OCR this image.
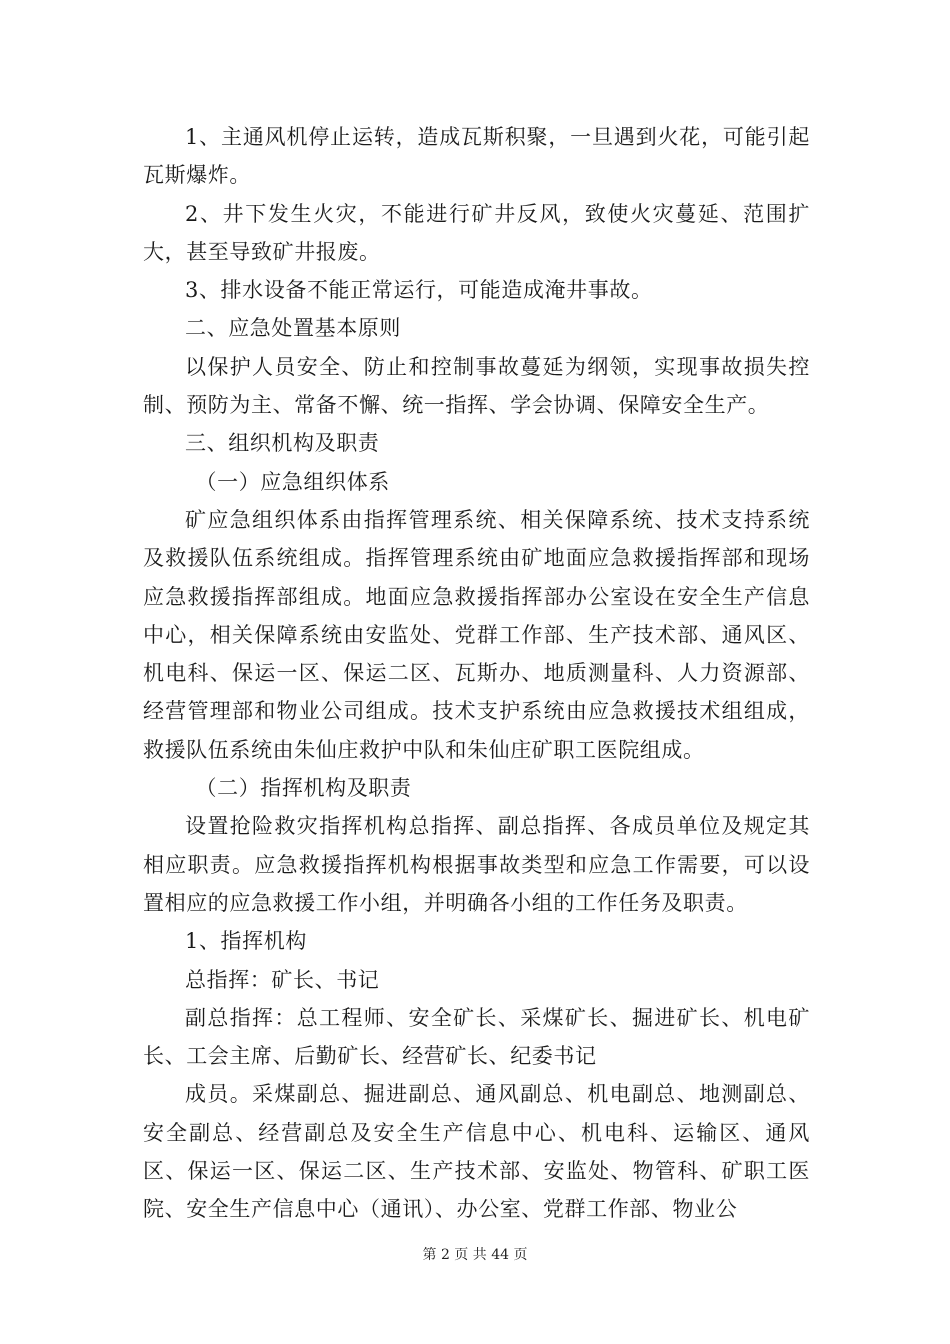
1、主通风机停止运转，造成瓦斯积聚，一旦遇到火花，可能引起瓦斯爆炸。

2、井下发生火灾，不能进行矿井反风，致使火灾蔓延、范围扩大，甚至导致矿井报废。

3、排水设备不能正常运行，可能造成淹井事故。

二、应急处置基本原则

以保护人员安全、防止和控制事故蔓延为纲领，实现事故损失控制、预防为主、常备不懈、统一指挥、学会协调、保障安全生产。

三、组织机构及职责

（一）应急组织体系

矿应急组织体系由指挥管理系统、相关保障系统、技术支持系统及救援队伍系统组成。指挥管理系统由矿地面应急救援指挥部和现场应急救援指挥部组成。地面应急救援指挥部办公室设在安全生产信息中心，相关保障系统由安监处、党群工作部、生产技术部、通风区、机电科、保运一区、保运二区、瓦斯办、地质测量科、人力资源部、经营管理部和物业公司组成。技术支护系统由应急救援技术组组成，救援队伍系统由朱仙庄救护中队和朱仙庄矿职工医院组成。

（二）指挥机构及职责

设置抢险救灾指挥机构总指挥、副总指挥、各成员单位及规定其相应职责。应急救援指挥机构根据事故类型和应急工作需要，可以设置相应的应急救援工作小组，并明确各小组的工作任务及职责。

1、指挥机构

总指挥：矿长、书记

副总指挥：总工程师、安全矿长、采煤矿长、掘进矿长、机电矿长、工会主席、后勤矿长、经营矿长、纪委书记

成员。采煤副总、掘进副总、通风副总、机电副总、地测副总、安全副总、经营副总及安全生产信息中心、机电科、运输区、通风区、保运一区、保运二区、生产技术部、安监处、物管科、矿职工医院、安全生产信息中心（通讯）、办公室、党群工作部、物业公

第 2 页 共 44 页
